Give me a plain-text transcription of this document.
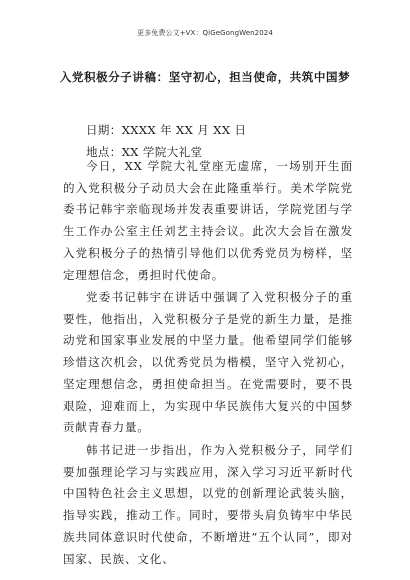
更多免费公文+VX：QiGeGongWen2024
入党积极分子讲稿：坚守初心，担当使命，共筑中国梦
日期：XXXX 年 XX 月 XX 日
地点：XX 学院大礼堂

今日，XX 学院大礼堂座无虚席，一场别开生面的入党积极分子动员大会在此隆重举行。美术学院党委书记韩宇亲临现场并发表重要讲话，学院党团与学生工作办公室主任刘艺主持会议。此次大会旨在激发入党积极分子的热情引导他们以优秀党员为榜样，坚定理想信念，勇担时代使命。

党委书记韩宇在讲话中强调了入党积极分子的重要性，他指出，入党积极分子是党的新生力量，是推动党和国家事业发展的中坚力量。他希望同学们能够珍惜这次机会，以优秀党员为楷模，坚守入党初心，坚定理想信念，勇担使命担当。在党需要时，要不畏艰险，迎难而上，为实现中华民族伟大复兴的中国梦贡献青春力量。

韩书记进一步指出，作为入党积极分子，同学们要加强理论学习与实践应用，深入学习习近平新时代中国特色社会主义思想，以党的创新理论武装头脑，指导实践，推动工作。同时，要带头肩负铸牢中华民族共同体意识时代使命，不断增进“五个认同”，即对国家、民族、文化、
